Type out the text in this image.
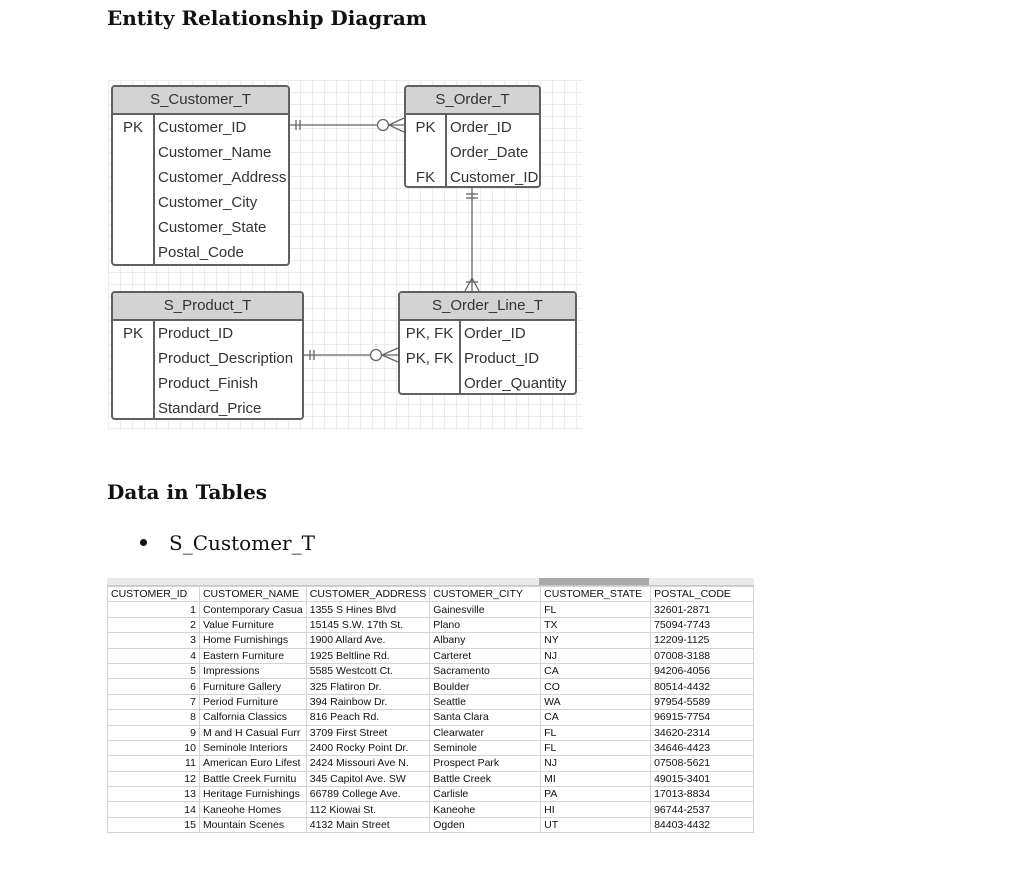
Entity Relationship Diagram
S_Customer_T
PK	Customer_ID
Customer_Name
Customer_Address
Customer_City
Customer_State
Postal_Code
S_Order_T
PK Order_ID
Order_Date
FK Customer_ID
S_Product_T
PK	Product_ID
Product_Description
Product_Finish
Standard_Price
S_Order_Line_T
PK, FK Order_ID
PK, FK Product_ID
Order_Quantity
Data in Tables
S_Customer_T
CUSTOMER_ID	CUSTOMER_NAME	CUSTOMER_ADDRESS	CUSTOMER_CITY	CUSTOMER_STATE	POSTAL_CODE
1	Contemporary Casua	1355 S Hines Blvd	Gainesville	FL	32601-2871
2	Value Furniture	15145 S.W. 17th St.	Plano	TX	75094-7743
3	Home Furnishings	1900 Allard Ave.	Albany	NY	12209-1125
4	Eastern Furniture	1925 Beltline Rd.	Carteret	NJ	07008-3188
5	Impressions	5585 Westcott Ct.	Sacramento	CA	94206-4056
6	Furniture Gallery	325 Flatiron Dr.	Boulder	CO	80514-4432
7	Period Furniture	394 Rainbow Dr.	Seattle	WA	97954-5589
8	Calfornia Classics	816 Peach Rd.	Santa Clara	CA	96915-7754
9	M and H Casual Furr	3709 First Street	Clearwater	FL	34620-2314
10	Seminole Interiors	2400 Rocky Point Dr.	Seminole	FL	34646-4423
11	American Euro Lifest	2424 Missouri Ave N.	Prospect Park	NJ	07508-5621
12	Battle Creek Furnitu	345 Capitol Ave. SW	Battle Creek	MI	49015-3401
13	Heritage Furnishings	66789 College Ave.	Carlisle	PA	17013-8834
14	Kaneohe Homes	112 Kiowai St.	Kaneohe	HI	96744-2537
15	Mountain Scenes	4132 Main Street	Ogden	UT	84403-4432
